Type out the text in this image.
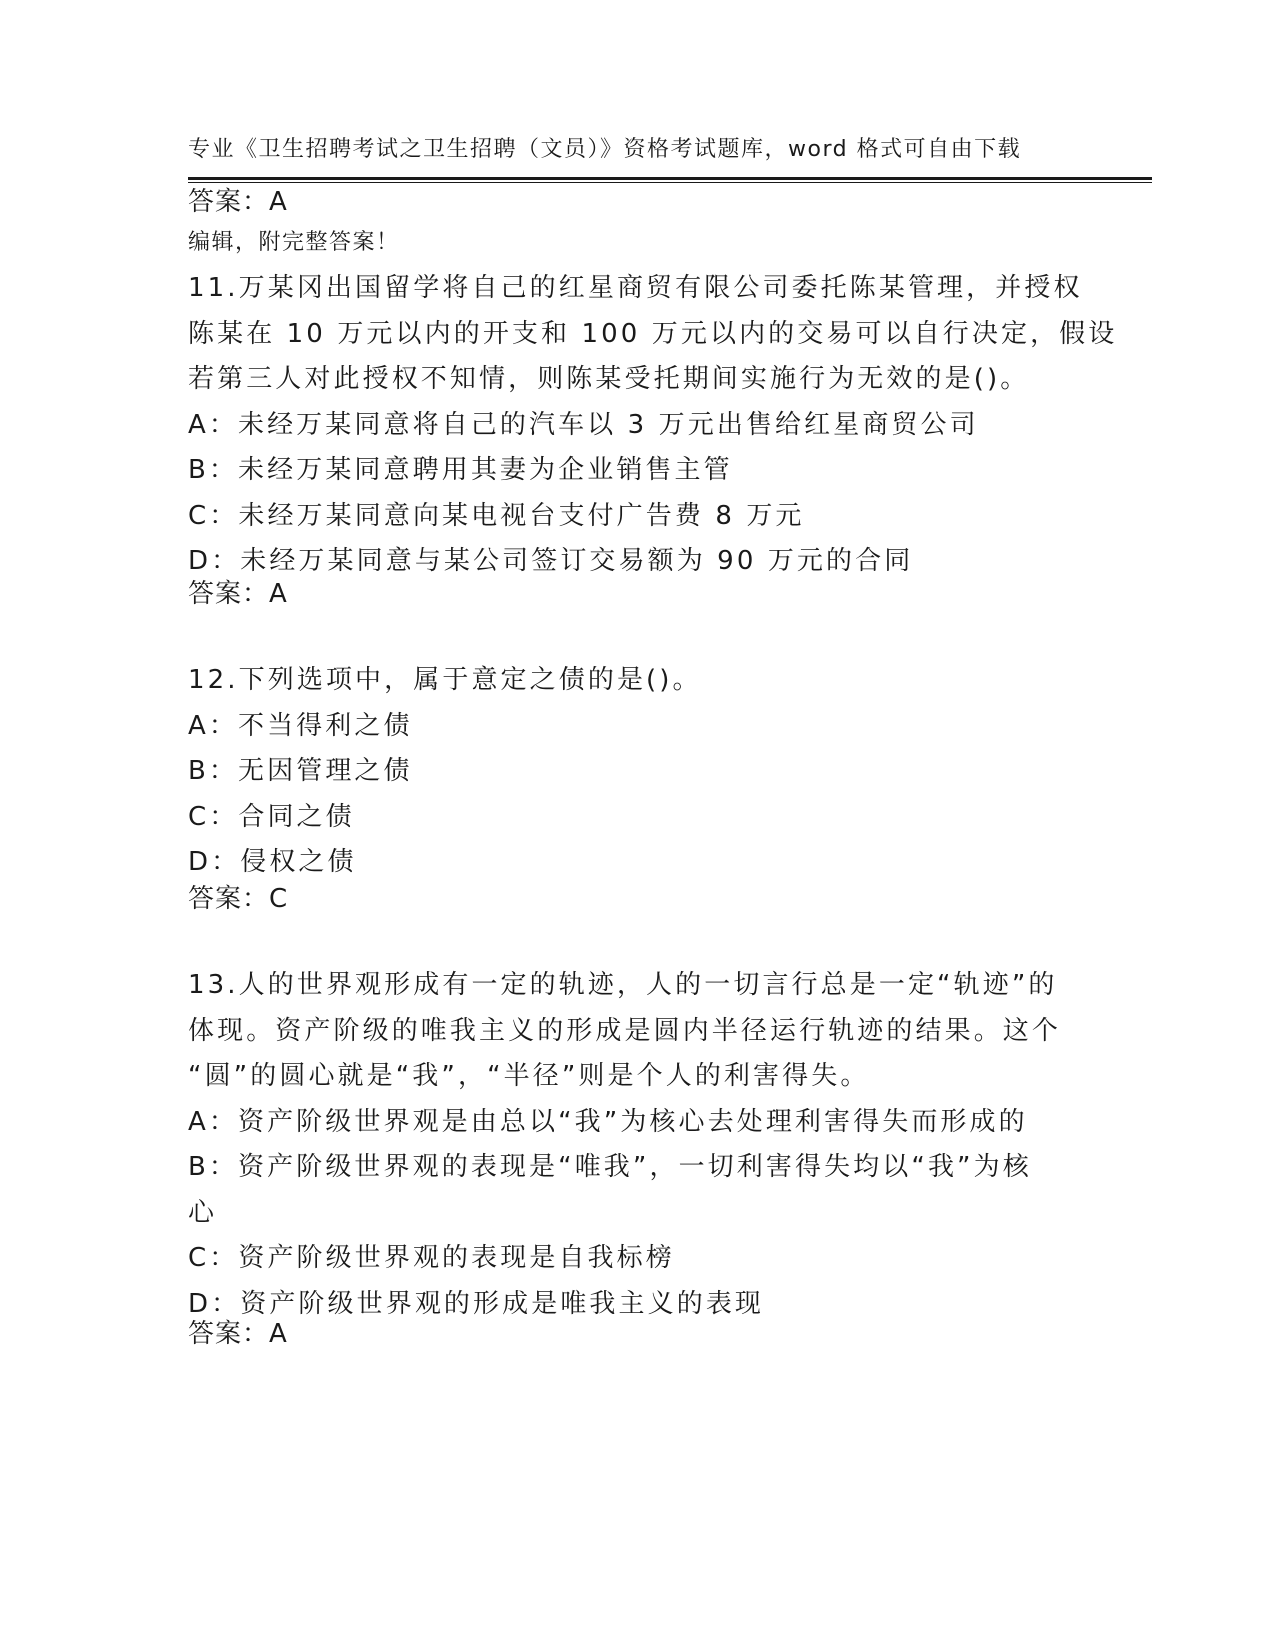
专业《卫生招聘考试之卫生招聘（文员）》资格考试题库，word 格式可自由下载

编辑，附完整答案！

答案：A
11.万某冈出国留学将自己的红星商贸有限公司委托陈某管理，并授权
陈某在 10 万元以内的开支和 100 万元以内的交易可以自行决定，假设
若第三人对此授权不知情，则陈某受托期间实施行为无效的是()。
A：未经万某同意将自己的汽车以 3 万元出售给红星商贸公司
B：未经万某同意聘用其妻为企业销售主管
C：未经万某同意向某电视台支付广告费 8 万元
D：未经万某同意与某公司签订交易额为 90 万元的合同
答案：A
12.下列选项中，属于意定之债的是()。
A：不当得利之债
B：无因管理之债
C：合同之债
D：侵权之债
答案：C
13.人的世界观形成有一定的轨迹，人的一切言行总是一定“轨迹”的
体现。资产阶级的唯我主义的形成是圆内半径运行轨迹的结果。这个
“圆”的圆心就是“我”，“半径”则是个人的利害得失。
A：资产阶级世界观是由总以“我”为核心去处理利害得失而形成的
B：资产阶级世界观的表现是“唯我”，一切利害得失均以“我”为核
心
C：资产阶级世界观的表现是自我标榜
D：资产阶级世界观的形成是唯我主义的表现
答案：A
